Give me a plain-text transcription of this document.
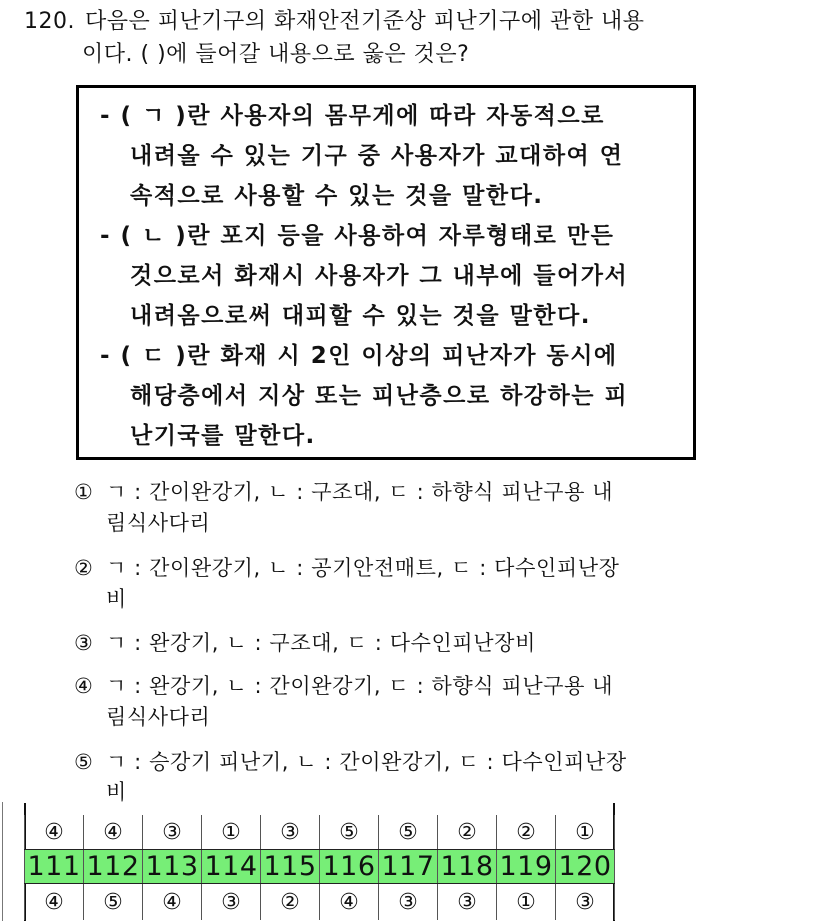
120. 다음은 피난기구의 화재안전기준상 피난기구에 관한 내용
이다. ( )에 들어갈 내용으로 옳은 것은?
- ( ㄱ )란 사용자의 몸무게에 따라 자동적으로
내려올 수 있는 기구 중 사용자가 교대하여 연
속적으로 사용할 수 있는 것을 말한다.
- ( ㄴ )란 포지 등을 사용하여 자루형태로 만든
것으로서 화재시 사용자가 그 내부에 들어가서
내려옴으로써 대피할 수 있는 것을 말한다.
- ( ㄷ )란 화재 시 2인 이상의 피난자가 동시에
해당층에서 지상 또는 피난층으로 하강하는 피
난기국를 말한다.
① ㄱ : 간이완강기, ㄴ : 구조대, ㄷ : 하향식 피난구용 내
림식사다리
② ㄱ : 간이완강기, ㄴ : 공기안전매트, ㄷ : 다수인피난장
비
③ ㄱ : 완강기, ㄴ : 구조대, ㄷ : 다수인피난장비
④ ㄱ : 완강기, ㄴ : 간이완강기, ㄷ : 하향식 피난구용 내
림식사다리
⑤ ㄱ : 승강기 피난기, ㄴ : 간이완강기, ㄷ : 다수인피난장
비
④	④	③	①	③	⑤	⑤	②	②	①
111	112	113	114	115	116	117	118	119	120
④	⑤	④	③	②	④	③	③	①	③
